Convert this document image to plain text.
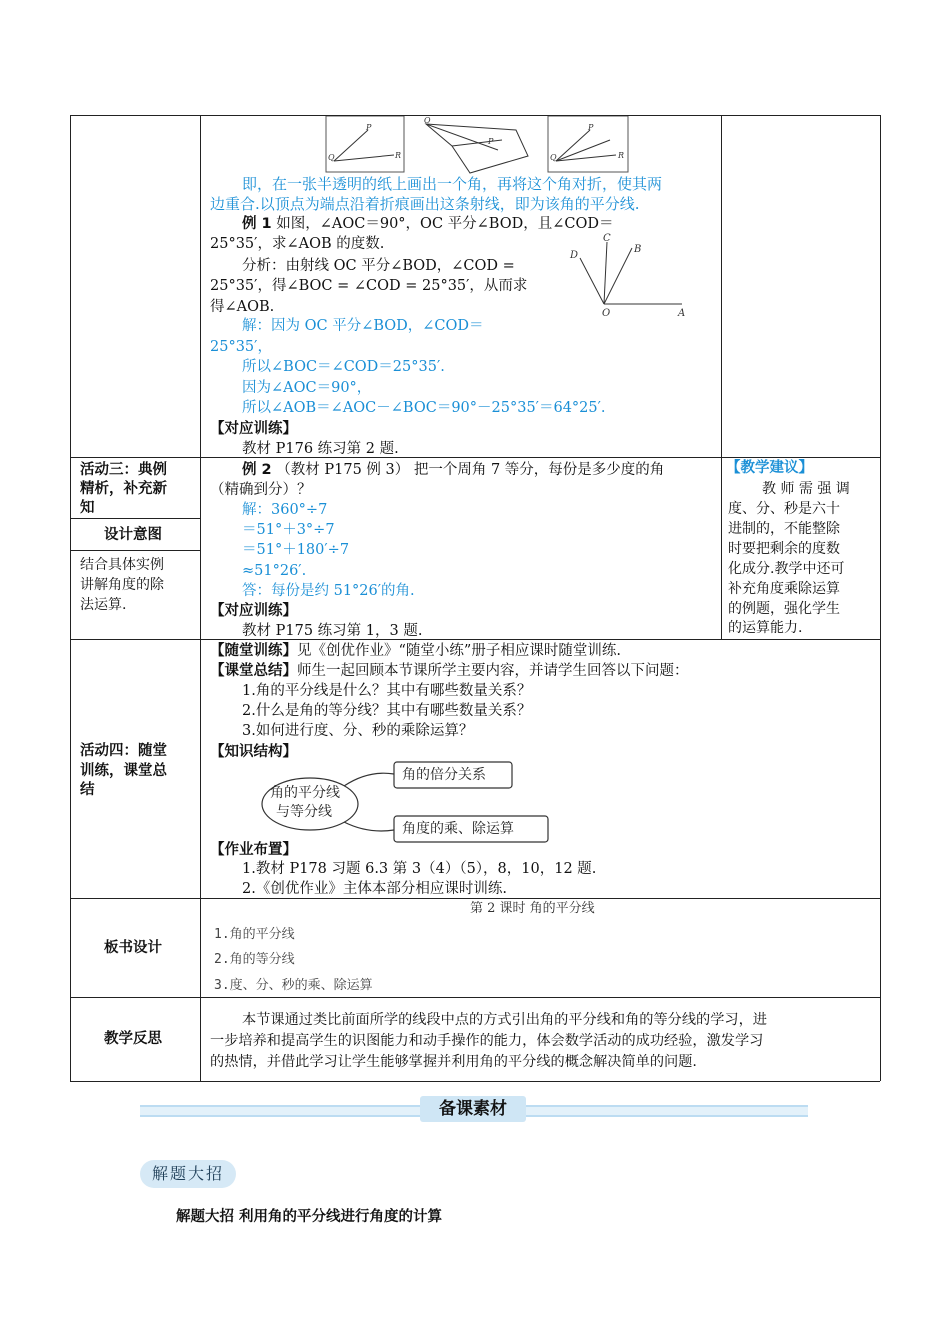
Q
P
R
O
P
Q
P
R
即，在一张半透明的纸上画出一个角，再将这个角对折，使其两
边重合.以顶点为端点沿着折痕画出这条射线，即为该角的平分线.
例 1 如图，∠AOC＝90°，OC 平分∠BOD，且∠COD＝
25°35′，求∠AOB 的度数.
分析：由射线 OC 平分∠BOD，∠COD =
25°35′，得∠BOC = ∠COD = 25°35′，从而求
得∠AOB.	O	A
C
B
D
解：因为 OC 平分∠BOD，∠COD＝
25°35′，
所以∠BOC＝∠COD＝25°35′.
因为∠AOC＝90°，
所以∠AOB＝∠AOC－∠BOC＝90°－25°35′＝64°25′.
【对应训练】
教材 P176 练习第 2 题.
活动三：典例
精析，补充新
知
设计意图
结合具体实例
讲解角度的除
法运算.
例 2 （教材 P175 例 3） 把一个周角 7 等分，每份是多少度的角
（精确到分）？
解：360°÷7
＝51°＋3°÷7
＝51°＋180′÷7
≈51°26′.
答：每份是约 51°26′的角.
【对应训练】
教材 P175 练习第 1，3 题.
【教学建议】
教 师 需 强 调
度、分、秒是六十
进制的，不能整除
时要把剩余的度数
化成分.教学中还可
补充角度乘除运算
的例题，强化学生
的运算能力.
活动四：随堂
训练，课堂总
结
【随堂训练】见《创优作业》“随堂小练”册子相应课时随堂训练.
【课堂总结】师生一起回顾本节课所学主要内容，并请学生回答以下问题：
1.角的平分线是什么？其中有哪些数量关系？
2.什么是角的等分线？其中有哪些数量关系？
3.如何进行度、分、秒的乘除运算？
【知识结构】
角的平分线
与等分线
角的倍分关系
角度的乘、除运算
【作业布置】
1.教材 P178 习题 6.3 第 3（4）（5），8，10，12 题.
2.《创优作业》主体本部分相应课时训练.
板书设计
第 2 课时 角的平分线
1.角的平分线
2.角的等分线
3.度、分、秒的乘、除运算
教学反思
本节课通过类比前面所学的线段中点的方式引出角的平分线和角的等分线的学习，进
一步培养和提高学生的识图能力和动手操作的能力，体会数学活动的成功经验，激发学习
的热情，并借此学习让学生能够掌握并利用角的平分线的概念解决简单的问题.
备课素材
解题大招
解题大招 利用角的平分线进行角度的计算
